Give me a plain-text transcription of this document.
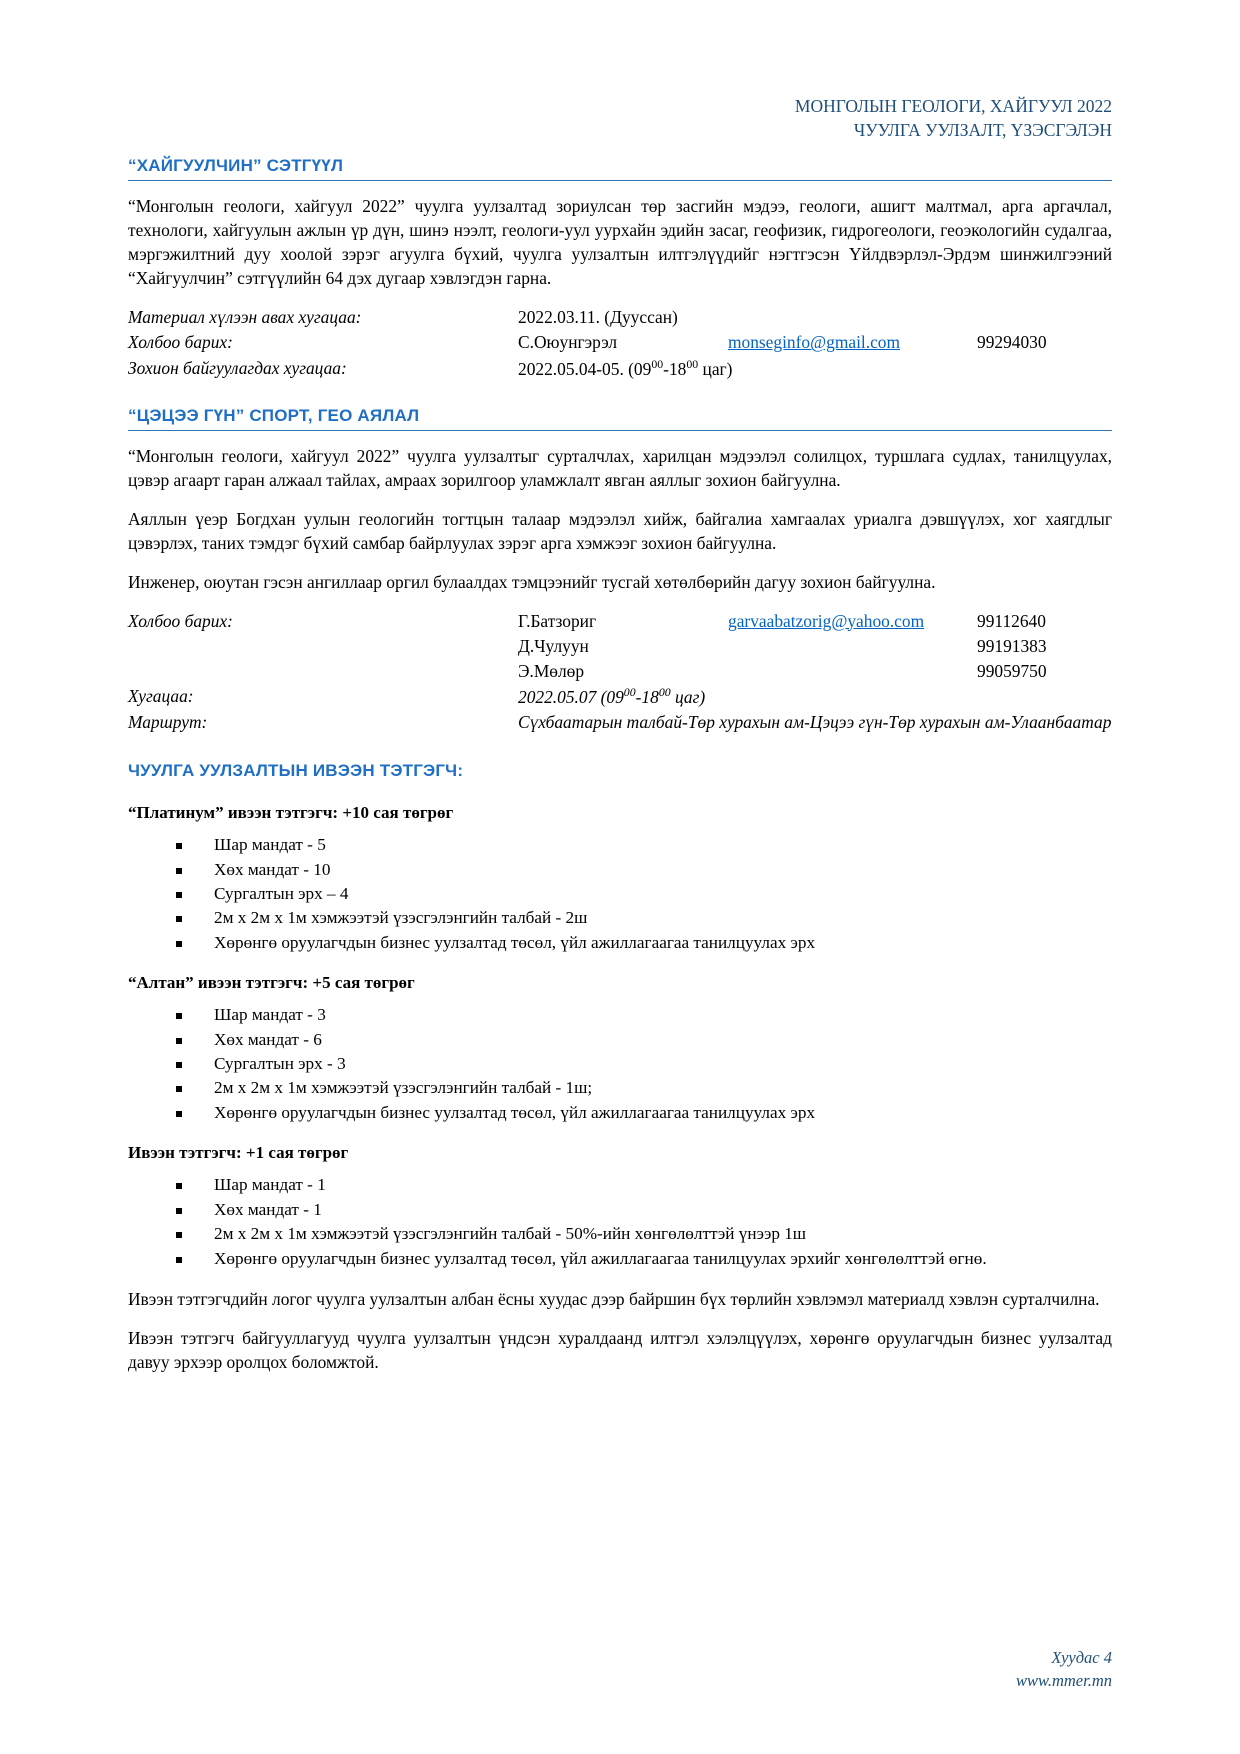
МОНГОЛЫН ГЕОЛОГИ, ХАЙГУУЛ 2022
ЧУУЛГА УУЛЗАЛТ, ҮЗЭСГЭЛЭН
“ХАЙГУУЛЧИН” СЭТГҮҮЛ

“Монголын геологи, хайгуул 2022” чуулга уулзалтад зориулсан төр засгийн мэдээ, геологи, ашигт малтмал, арга аргачлал, технологи, хайгуулын ажлын үр дүн, шинэ нээлт, геологи-уул уурхайн эдийн засаг, геофизик, гидрогеологи, геоэкологийн судалгаа, мэргэжилтний дуу хоолой зэрэг агуулга бүхий, чуулга уулзалтын илтгэлүүдийг нэгтгэсэн Үйлдвэрлэл-Эрдэм шинжилгээний “Хайгуулчин” сэтгүүлийн 64 дэх дугаар хэвлэгдэн гарна.

Материал хүлээн авах хугацаа:	2022.03.11. (Дууссан)		
Холбоо барих:	С.Оюунгэрэл	monseginfo@gmail.com	99294030
Зохион байгуулагдах хугацаа:	2022.05.04-05. ($09^{00}-18^{00}$ цаг)		
“ЦЭЦЭЭ ГҮН” СПОРТ, ГЕО АЯЛАЛ

“Монголын геологи, хайгуул 2022” чуулга уулзалтыг сурталчлах, харилцан мэдээлэл солилцох, туршлага судлах, танилцуулах, цэвэр агаарт гаран алжаал тайлах, амраах зорилгоор уламжлалт явган аяллыг зохион байгуулна.

Аяллын үеэр Богдхан уулын геологийн тогтцын талаар мэдээлэл хийж, байгалиа хамгаалах уриалга дэвшүүлэх, хог хаягдлыг цэвэрлэх, таних тэмдэг бүхий самбар байрлуулах зэрэг арга хэмжээг зохион байгуулна.

Инженер, оюутан гэсэн ангиллаар оргил булаалдах тэмцээнийг тусгай хөтөлбөрийн дагуу зохион байгуулна.

Холбоо барих:	Г.Батзориг	garvaabatzorig@yahoo.com	99112640
	Д.Чулуун		99191383
	Э.Мөлөр		99059750
Хугацаа:	2022.05.07 ($09^{00}-18^{00}$ цаг)		
Маршрут:	Сүхбаатарын талбай-Төр хурахын ам-Цэцээ гүн-Төр хурахын ам-Улаанбаатар		
ЧУУЛГА УУЛЗАЛТЫН ИВЭЭН ТЭТГЭГЧ:
“Платинум” ивээн тэтгэгч: +10 сая төгрөг
Шар мандат - 5
Хөх мандат - 10
Сургалтын эрх – 4
2м х 2м х 1м хэмжээтэй үзэсгэлэнгийн талбай - 2ш
Хөрөнгө оруулагчдын бизнес уулзалтад төсөл, үйл ажиллагаагаа танилцуулах эрх
“Алтан” ивээн тэтгэгч: +5 сая төгрөг
Шар мандат - 3
Хөх мандат - 6
Сургалтын эрх - 3
2м х 2м х 1м хэмжээтэй үзэсгэлэнгийн талбай - 1ш;
Хөрөнгө оруулагчдын бизнес уулзалтад төсөл, үйл ажиллагаагаа танилцуулах эрх
Ивээн тэтгэгч: +1 сая төгрөг
Шар мандат - 1
Хөх мандат - 1
2м х 2м х 1м хэмжээтэй үзэсгэлэнгийн талбай - 50%-ийн хөнгөлөлттэй үнээр 1ш
Хөрөнгө оруулагчдын бизнес уулзалтад төсөл, үйл ажиллагаагаа танилцуулах эрхийг хөнгөлөлттэй өгнө.

Ивээн тэтгэгчдийн логог чуулга уулзалтын албан ёсны хуудас дээр байршин бүх төрлийн хэвлэмэл материалд хэвлэн сурталчилна.

Ивээн тэтгэгч байгууллагууд чуулга уулзалтын үндсэн хуралдаанд илтгэл хэлэлцүүлэх, хөрөнгө оруулагчдын бизнес уулзалтад давуу эрхээр оролцох боломжтой.

Хуудас 4
www.mmer.mn
